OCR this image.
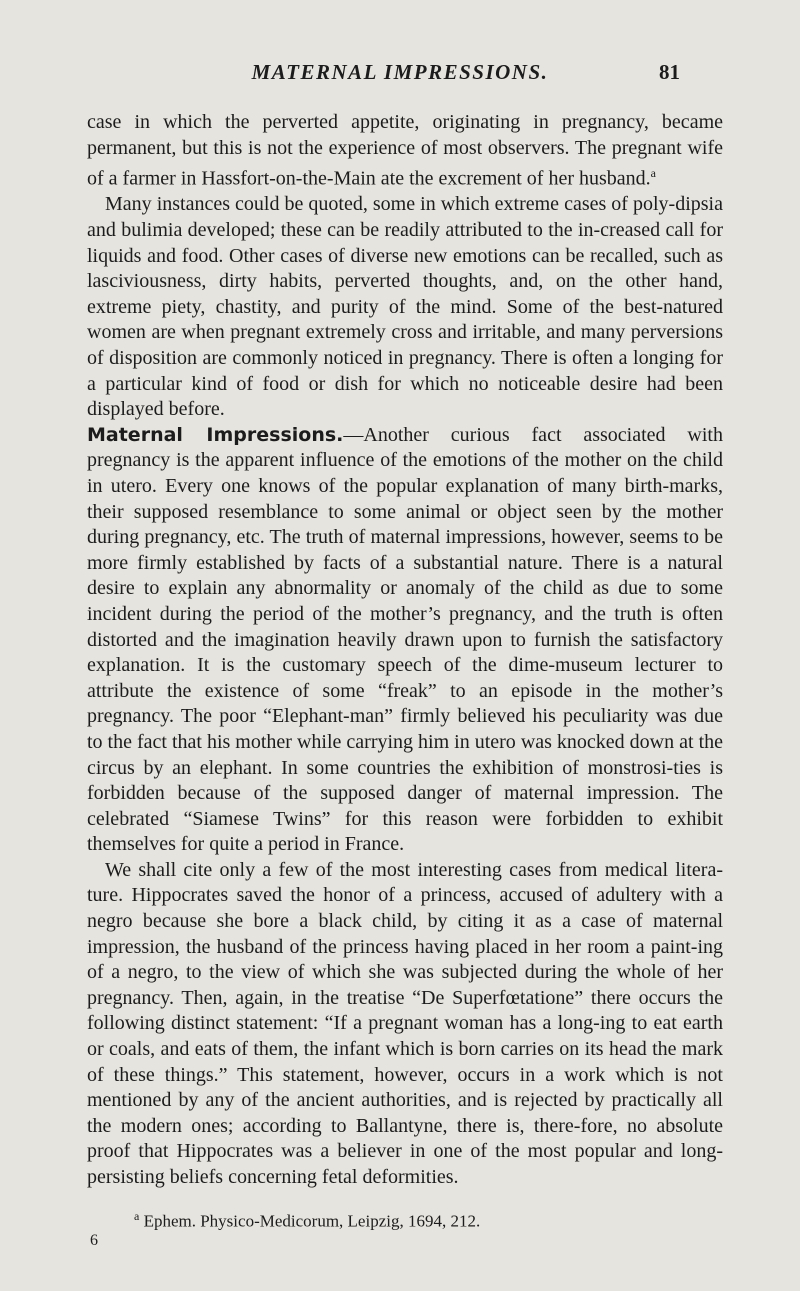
MATERNAL IMPRESSIONS.	81

case in which the perverted appetite, originating in pregnancy, became permanent, but this is not the experience of most observers. The pregnant wife of a farmer in Hassfort-on-the-Main ate the excrement of her husband.$^a$

Many instances could be quoted, some in which extreme cases of poly-dipsia and bulimia developed; these can be readily attributed to the in-creased call for liquids and food. Other cases of diverse new emotions can be recalled, such as lasciviousness, dirty habits, perverted thoughts, and, on the other hand, extreme piety, chastity, and purity of the mind. Some of the best-natured women are when pregnant extremely cross and irritable, and many perversions of disposition are commonly noticed in pregnancy. There is often a longing for a particular kind of food or dish for which no noticeable desire had been displayed before.

Maternal Impressions.—Another curious fact associated with pregnancy is the apparent influence of the emotions of the mother on the child in utero. Every one knows of the popular explanation of many birth-marks, their supposed resemblance to some animal or object seen by the mother during pregnancy, etc. The truth of maternal impressions, however, seems to be more firmly established by facts of a substantial nature. There is a natural desire to explain any abnormality or anomaly of the child as due to some incident during the period of the mother’s pregnancy, and the truth is often distorted and the imagination heavily drawn upon to furnish the satisfactory explanation. It is the customary speech of the dime-museum lecturer to attribute the existence of some “freak” to an episode in the mother’s pregnancy. The poor “Elephant-man” firmly believed his peculiarity was due to the fact that his mother while carrying him in utero was knocked down at the circus by an elephant. In some countries the exhibition of monstrosi-ties is forbidden because of the supposed danger of maternal impression. The celebrated “Siamese Twins” for this reason were forbidden to exhibit themselves for quite a period in France.

We shall cite only a few of the most interesting cases from medical litera-ture. Hippocrates saved the honor of a princess, accused of adultery with a negro because she bore a black child, by citing it as a case of maternal impression, the husband of the princess having placed in her room a paint-ing of a negro, to the view of which she was subjected during the whole of her pregnancy. Then, again, in the treatise “De Superfœtatione” there occurs the following distinct statement: “If a pregnant woman has a long-ing to eat earth or coals, and eats of them, the infant which is born carries on its head the mark of these things.” This statement, however, occurs in a work which is not mentioned by any of the ancient authorities, and is rejected by practically all the modern ones; according to Ballantyne, there is, there-fore, no absolute proof that Hippocrates was a believer in one of the most popular and long-persisting beliefs concerning fetal deformities.

$^a$ Ephem. Physico-Medicorum, Leipzig, 1694, 212.
6
